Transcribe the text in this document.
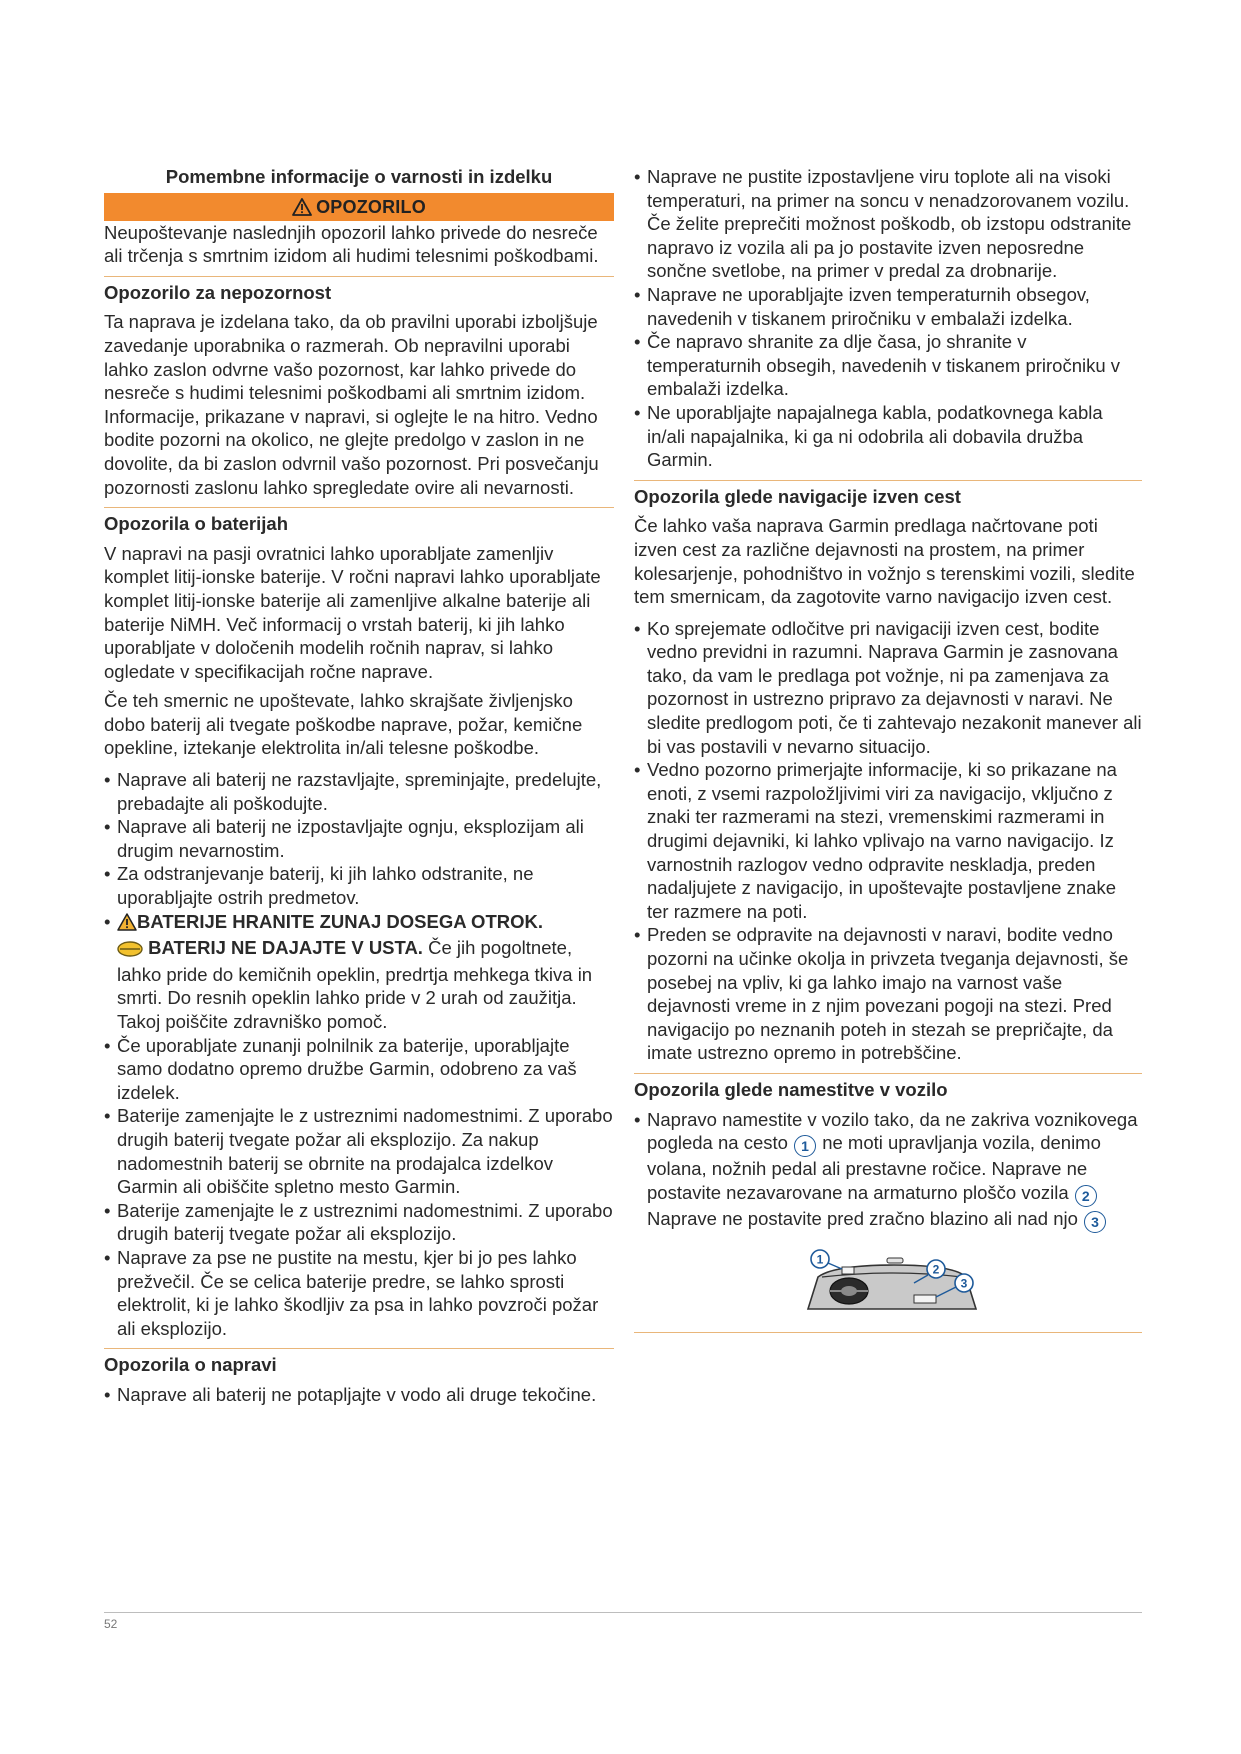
Pomembne informacije o varnosti in izdelku
OPOZORILO

Neupoštevanje naslednjih opozoril lahko privede do nesreče ali trčenja s smrtnim izidom ali hudimi telesnimi poškodbami.

Opozorilo za nepozornost

Ta naprava je izdelana tako, da ob pravilni uporabi izboljšuje zavedanje uporabnika o razmerah. Ob nepravilni uporabi lahko zaslon odvrne vašo pozornost, kar lahko privede do nesreče s hudimi telesnimi poškodbami ali smrtnim izidom. Informacije, prikazane v napravi, si oglejte le na hitro. Vedno bodite pozorni na okolico, ne glejte predolgo v zaslon in ne dovolite, da bi zaslon odvrnil vašo pozornost. Pri posvečanju pozornosti zaslonu lahko spregledate ovire ali nevarnosti.

Opozorila o baterijah

V napravi na pasji ovratnici lahko uporabljate zamenljiv komplet litij-ionske baterije. V ročni napravi lahko uporabljate komplet litij-ionske baterije ali zamenljive alkalne baterije ali baterije NiMH. Več informacij o vrstah baterij, ki jih lahko uporabljate v določenih modelih ročnih naprav, si lahko ogledate v specifikacijah ročne naprave.

Če teh smernic ne upoštevate, lahko skrajšate življenjsko dobo baterij ali tvegate poškodbe naprave, požar, kemične opekline, iztekanje elektrolita in/ali telesne poškodbe.

• Naprave ali baterij ne razstavljajte, spreminjajte, predelujte, prebadajte ali poškodujte.
• Naprave ali baterij ne izpostavljajte ognju, eksplozijam ali drugim nevarnostim.
• Za odstranjevanje baterij, ki jih lahko odstranite, ne uporabljajte ostrih predmetov.
• BATERIJE HRANITE ZUNAJ DOSEGA OTROK.
BATERIJ NE DAJAJTE V USTA. Če jih pogoltnete, lahko pride do kemičnih opeklin, predrtja mehkega tkiva in smrti. Do resnih opeklin lahko pride v 2 urah od zaužitja. Takoj poiščite zdravniško pomoč.
• Če uporabljate zunanji polnilnik za baterije, uporabljajte samo dodatno opremo družbe Garmin, odobreno za vaš izdelek.
• Baterije zamenjajte le z ustreznimi nadomestnimi. Z uporabo drugih baterij tvegate požar ali eksplozijo. Za nakup nadomestnih baterij se obrnite na prodajalca izdelkov Garmin ali obiščite spletno mesto Garmin.
• Baterije zamenjajte le z ustreznimi nadomestnimi. Z uporabo drugih baterij tvegate požar ali eksplozijo.
• Naprave za pse ne pustite na mestu, kjer bi jo pes lahko prežvečil. Če se celica baterije predre, se lahko sprosti elektrolit, ki je lahko škodljiv za psa in lahko povzroči požar ali eksplozijo.
Opozorila o napravi
• Naprave ali baterij ne potapljajte v vodo ali druge tekočine.
• Naprave ne pustite izpostavljene viru toplote ali na visoki temperaturi, na primer na soncu v nenadzorovanem vozilu. Če želite preprečiti možnost poškodb, ob izstopu odstranite napravo iz vozila ali pa jo postavite izven neposredne sončne svetlobe, na primer v predal za drobnarije.
• Naprave ne uporabljajte izven temperaturnih obsegov, navedenih v tiskanem priročniku v embalaži izdelka.
• Če napravo shranite za dlje časa, jo shranite v temperaturnih obsegih, navedenih v tiskanem priročniku v embalaži izdelka.
• Ne uporabljajte napajalnega kabla, podatkovnega kabla in/ali napajalnika, ki ga ni odobrila ali dobavila družba Garmin.
Opozorila glede navigacije izven cest

Če lahko vaša naprava Garmin predlaga načrtovane poti izven cest za različne dejavnosti na prostem, na primer kolesarjenje, pohodništvo in vožnjo s terenskimi vozili, sledite tem smernicam, da zagotovite varno navigacijo izven cest.

• Ko sprejemate odločitve pri navigaciji izven cest, bodite vedno previdni in razumni. Naprava Garmin je zasnovana tako, da vam le predlaga pot vožnje, ni pa zamenjava za pozornost in ustrezno pripravo za dejavnosti v naravi. Ne sledite predlogom poti, če ti zahtevajo nezakonit manever ali bi vas postavili v nevarno situacijo.
• Vedno pozorno primerjajte informacije, ki so prikazane na enoti, z vsemi razpoložljivimi viri za navigacijo, vključno z znaki ter razmerami na stezi, vremenskimi razmerami in drugimi dejavniki, ki lahko vplivajo na varno navigacijo. Iz varnostnih razlogov vedno odpravite neskladja, preden nadaljujete z navigacijo, in upoštevajte postavljene znake ter razmere na poti.
• Preden se odpravite na dejavnosti v naravi, bodite vedno pozorni na učinke okolja in privzeta tveganja dejavnosti, še posebej na vpliv, ki ga lahko imajo na varnost vaše dejavnosti vreme in z njim povezani pogoji na stezi. Pred navigacijo po neznanih poteh in stezah se prepričajte, da imate ustrezno opremo in potrebščine.
Opozorila glede namestitve v vozilo
• Napravo namestite v vozilo tako, da ne zakriva voznikovega pogleda na cesto 1 ne moti upravljanja vozila, denimo volana, nožnih pedal ali prestavne ročice. Naprave ne postavite nezavarovane na armaturno ploščo vozila 2 Naprave ne postavite pred zračno blazino ali nad njo 3
1
2
3
52
